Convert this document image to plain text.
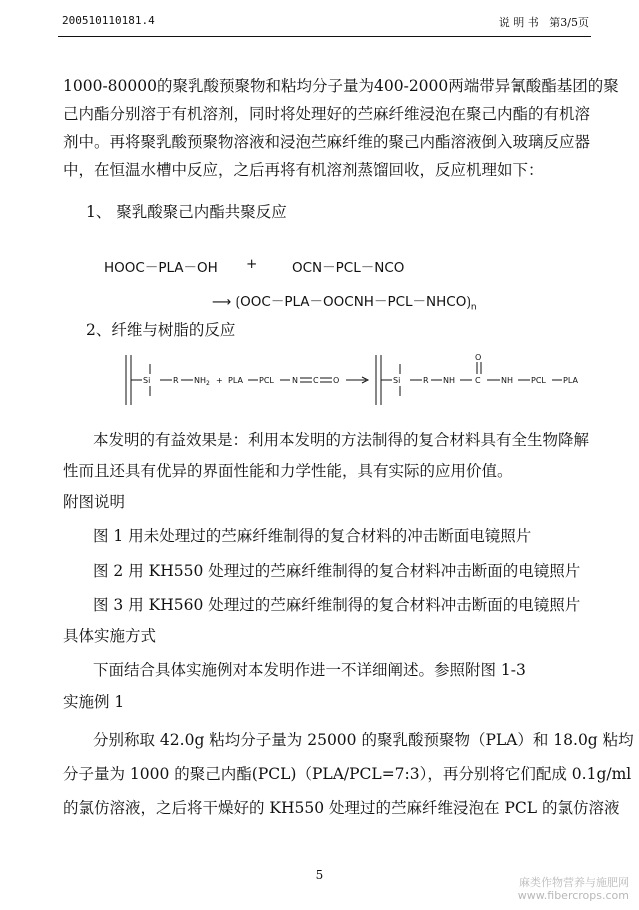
200510110181.4	说 明 书 第3/5页

1000-80000的聚乳酸预聚物和粘均分子量为400-2000两端带异氰酸酯基团的聚

己内酯分别溶于有机溶剂，同时将处理好的苎麻纤维浸泡在聚己内酯的有机溶

剂中。再将聚乳酸预聚物溶液和浸泡苎麻纤维的聚己内酯溶液倒入玻璃反应器

中，在恒温水槽中反应，之后再将有机溶剂蒸馏回收，反应机理如下：

1、 聚乳酸聚己内酯共聚反应

HOOC－PLA－OH +	OCN－PCL－NCO
⟶ $⟮OOC-PLA-OOCNH-PCL-NHCO⟯_n$

2、纤维与树脂的反应

Si	R $NH_2$ + PLA PCL N C O	Si	R NH	C
O
NH PCL PLA

本发明的有益效果是：利用本发明的方法制得的复合材料具有全生物降解

性而且还具有优异的界面性能和力学性能，具有实际的应用价值。

附图说明

图 1 用未处理过的苎麻纤维制得的复合材料的冲击断面电镜照片

图 2 用 KH550 处理过的苎麻纤维制得的复合材料冲击断面的电镜照片

图 3 用 KH560 处理过的苎麻纤维制得的复合材料冲击断面的电镜照片

具体实施方式

下面结合具体实施例对本发明作进一不详细阐述。参照附图 1-3

实施例 1

分别称取 42.0g 粘均分子量为 25000 的聚乳酸预聚物（PLA）和 18.0g 粘均

分子量为 1000 的聚己内酯(PCL)（PLA/PCL=7:3），再分别将它们配成 0.1g/ml

的氯仿溶液，之后将干燥好的 KH550 处理过的苎麻纤维浸泡在 PCL 的氯仿溶液

5
麻类作物营养与施肥网
www.fibercrops.com
